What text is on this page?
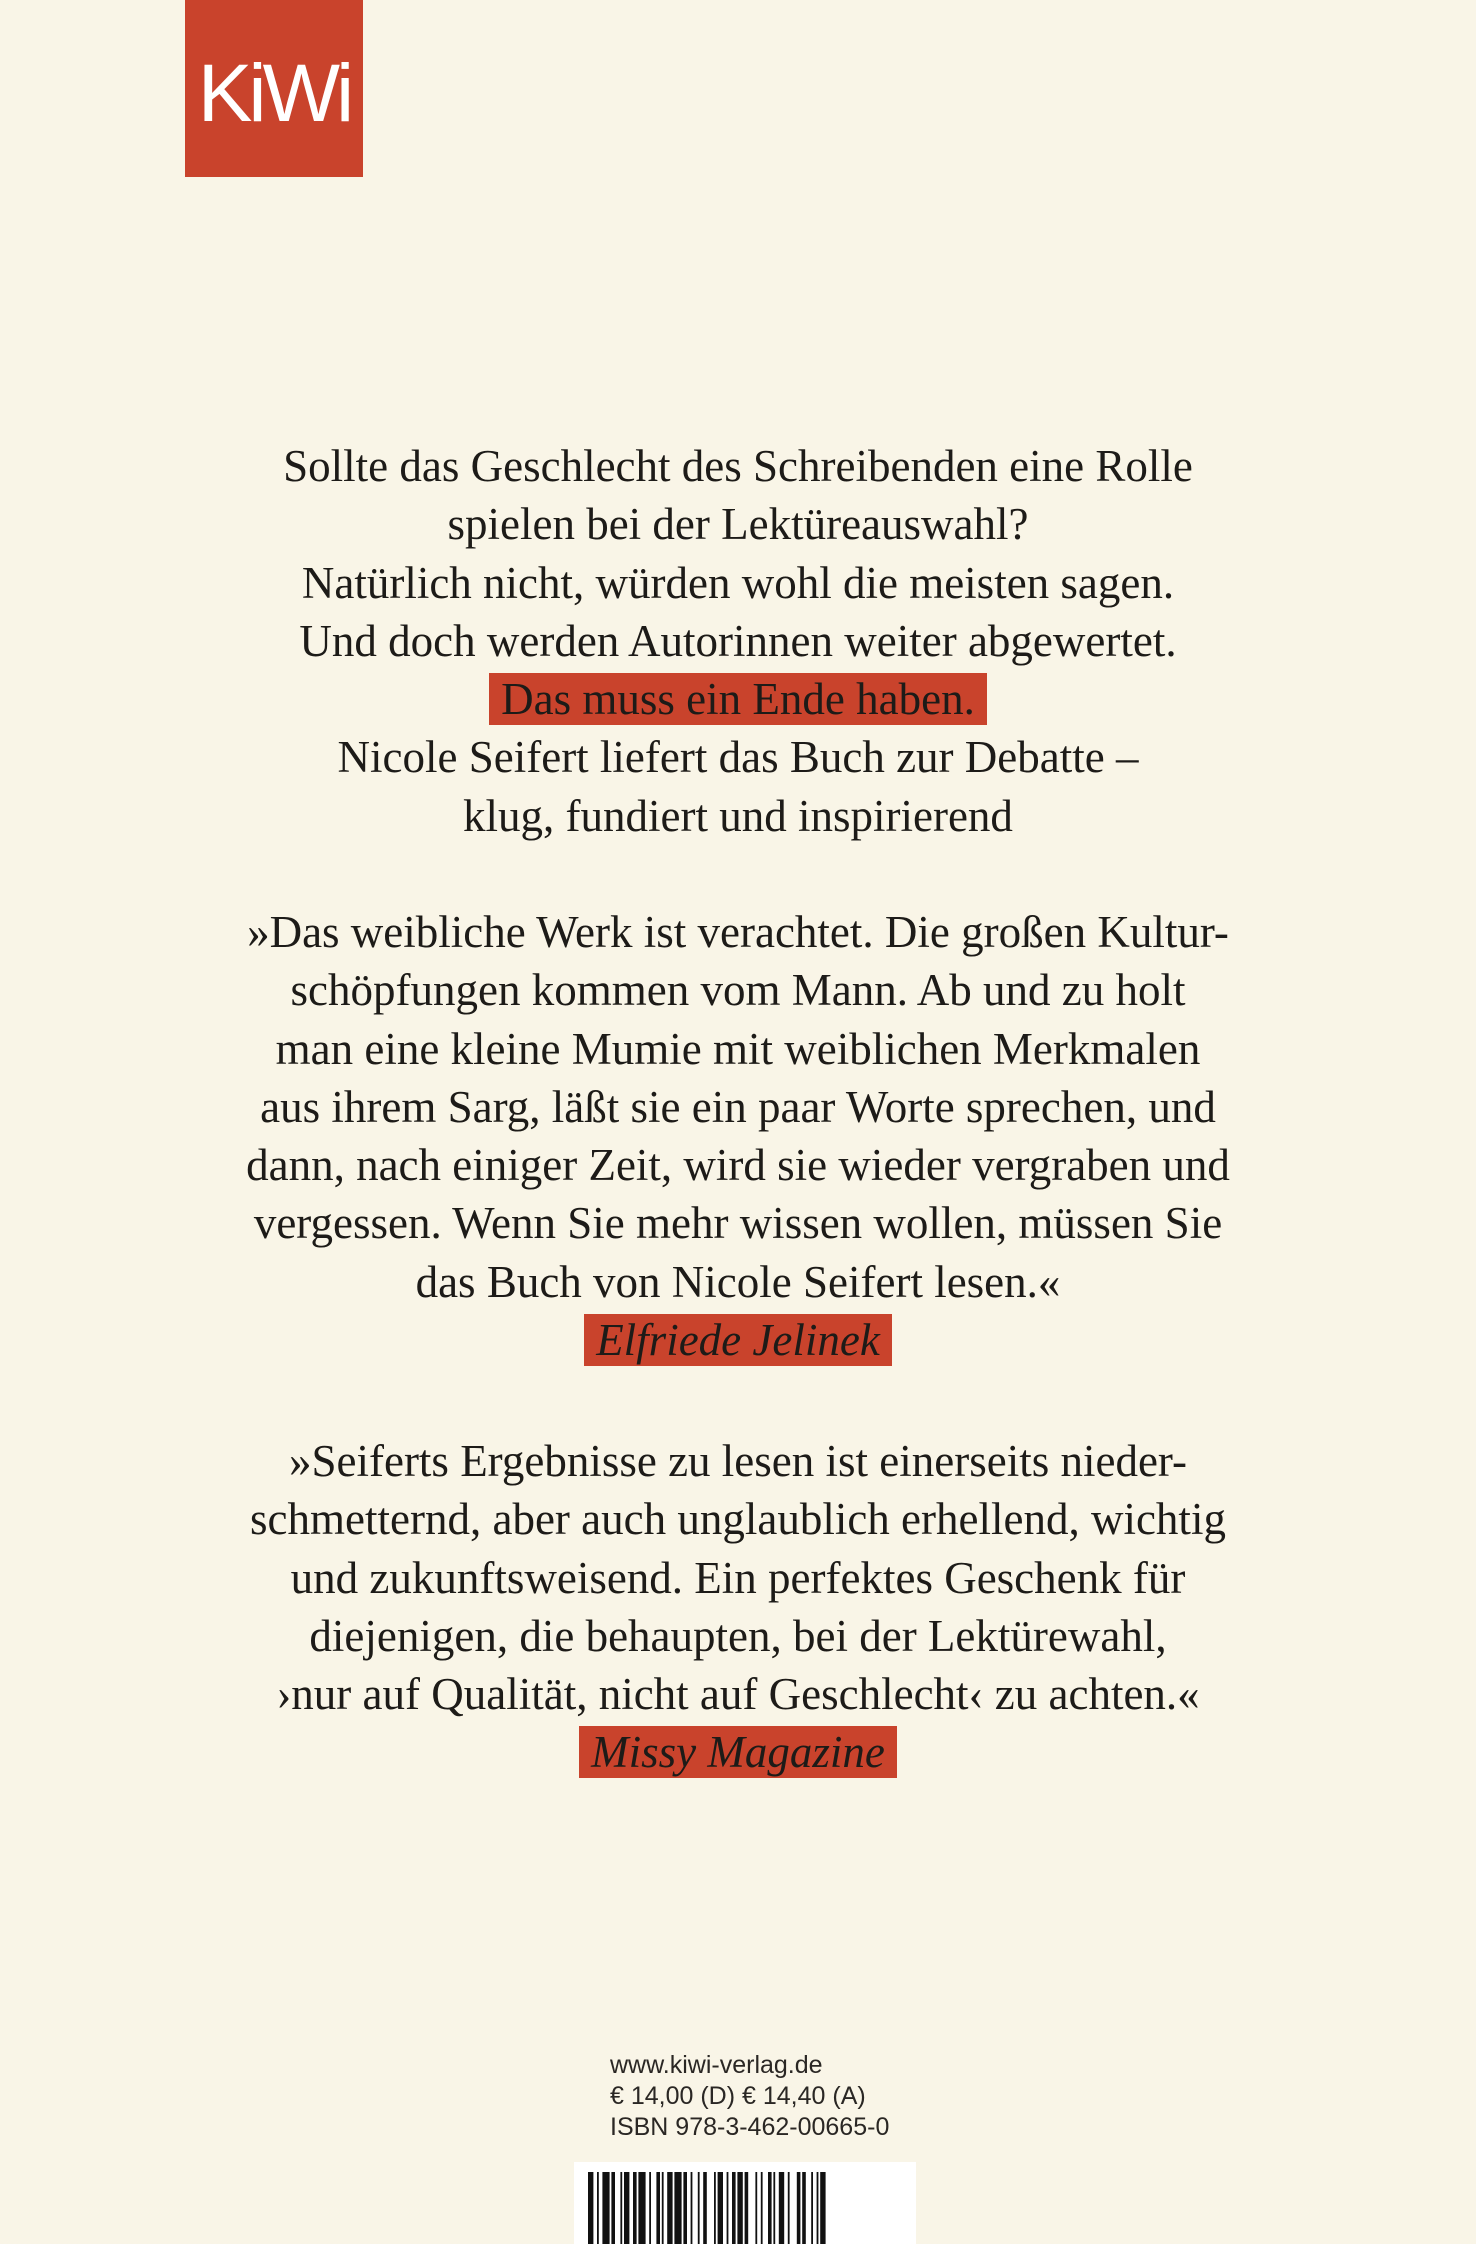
KiWi
Sollte das Geschlecht des Schreibenden eine Rolle
spielen bei der Lektüreauswahl?
Natürlich nicht, würden wohl die meisten sagen.
Und doch werden Autorinnen weiter abgewertet.
Das muss ein Ende haben.
Nicole Seifert liefert das Buch zur Debatte –
klug, fundiert und inspirierend
»Das weibliche Werk ist verachtet. Die großen Kultur-
schöpfungen kommen vom Mann. Ab und zu holt
man eine kleine Mumie mit weiblichen Merkmalen
aus ihrem Sarg, läßt sie ein paar Worte sprechen, und
dann, nach einiger Zeit, wird sie wieder vergraben und
vergessen. Wenn Sie mehr wissen wollen, müssen Sie
das Buch von Nicole Seifert lesen.«
Elfriede Jelinek
»Seiferts Ergebnisse zu lesen ist einerseits nieder-
schmetternd, aber auch unglaublich erhellend, wichtig
und zukunftsweisend. Ein perfektes Geschenk für
diejenigen, die behaupten, bei der Lektürewahl,
›nur auf Qualität, nicht auf Geschlecht‹ zu achten.«
Missy Magazine
www.kiwi-verlag.de
€ 14,00 (D) € 14,40 (A)
ISBN 978-3-462-00665-0
